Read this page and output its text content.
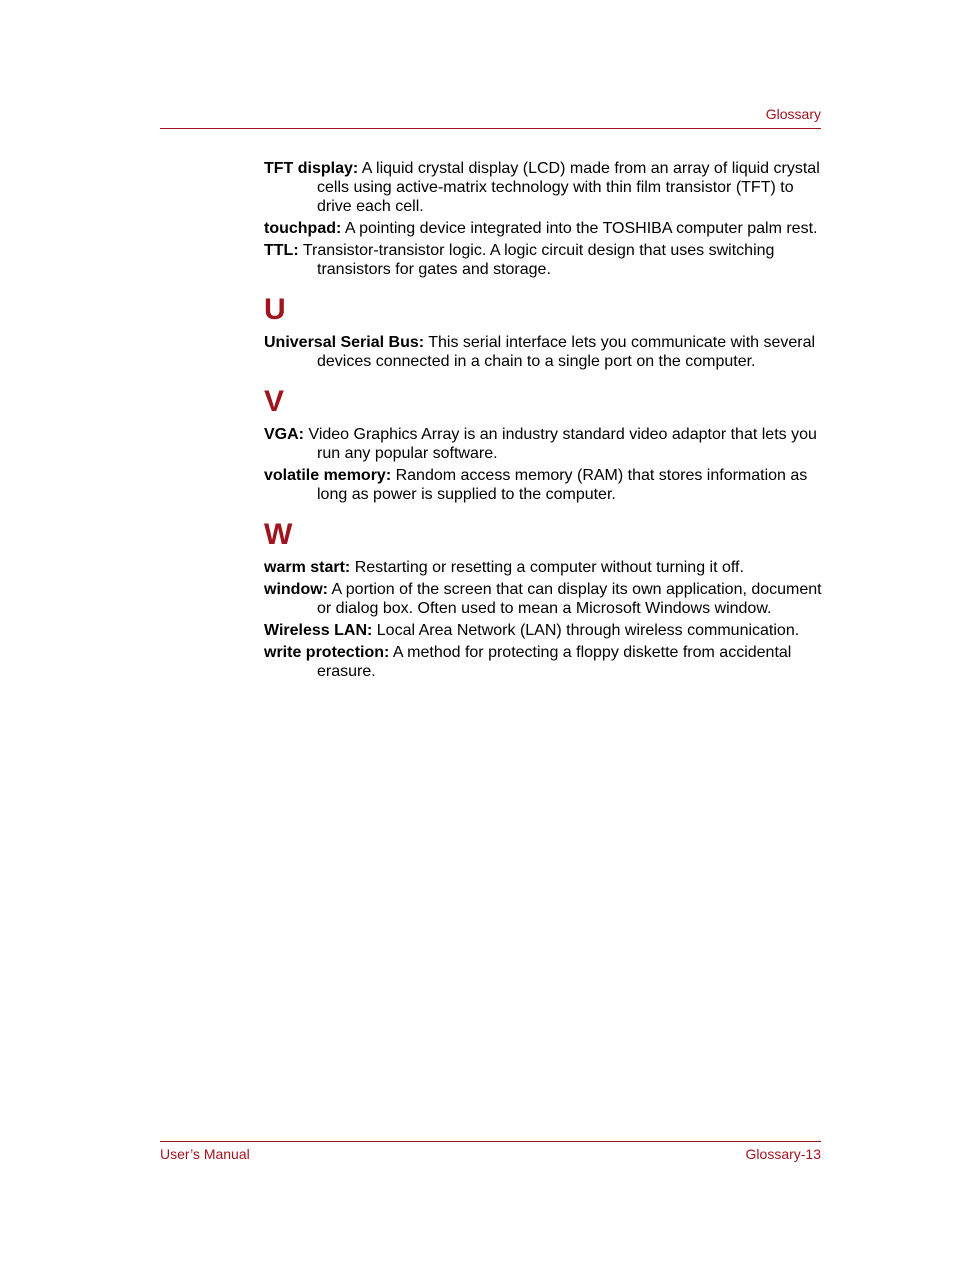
Glossary

TFT display: A liquid crystal display (LCD) made from an array of liquid crystal cells using active-matrix technology with thin film transistor (TFT) to drive each cell.

touchpad: A pointing device integrated into the TOSHIBA computer palm rest.

TTL: Transistor-transistor logic. A logic circuit design that uses switching transistors for gates and storage.

U

Universal Serial Bus: This serial interface lets you communicate with several devices connected in a chain to a single port on the computer.

V

VGA: Video Graphics Array is an industry standard video adaptor that lets you run any popular software.

volatile memory: Random access memory (RAM) that stores information as long as power is supplied to the computer.

W

warm start: Restarting or resetting a computer without turning it off.

window: A portion of the screen that can display its own application, document or dialog box. Often used to mean a Microsoft Windows window.

Wireless LAN: Local Area Network (LAN) through wireless communication.

write protection: A method for protecting a floppy diskette from accidental erasure.

User’s Manual	Glossary-13
